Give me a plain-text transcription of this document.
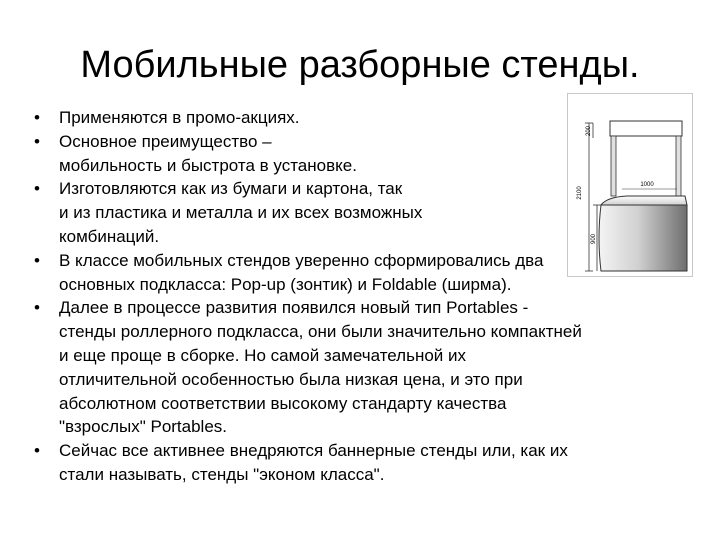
Мобильные разборные стенды.
1000
2100
900
200
• Применяются в промо-акциях.
• Основное преимущество –
мобильность и быстрота в установке.
• Изготовляются как из бумаги и картона, так
и из пластика и металла и их всех возможных
комбинаций.
• В классе мобильных стендов уверенно сформировались два
основных подкласса: Pop-up (зонтик) и Foldable (ширма).
• Далее в процессе развития появился новый тип Portables -
стенды роллерного подкласса, они были значительно компактней
и еще проще в сборке. Но самой замечательной их
отличительной особенностью была низкая цена, и это при
абсолютном соответствии высокому стандарту качества
"взрослых" Portables.
• Сейчас все активнее внедряются баннерные стенды или, как их
стали называть, стенды "эконом класса".
